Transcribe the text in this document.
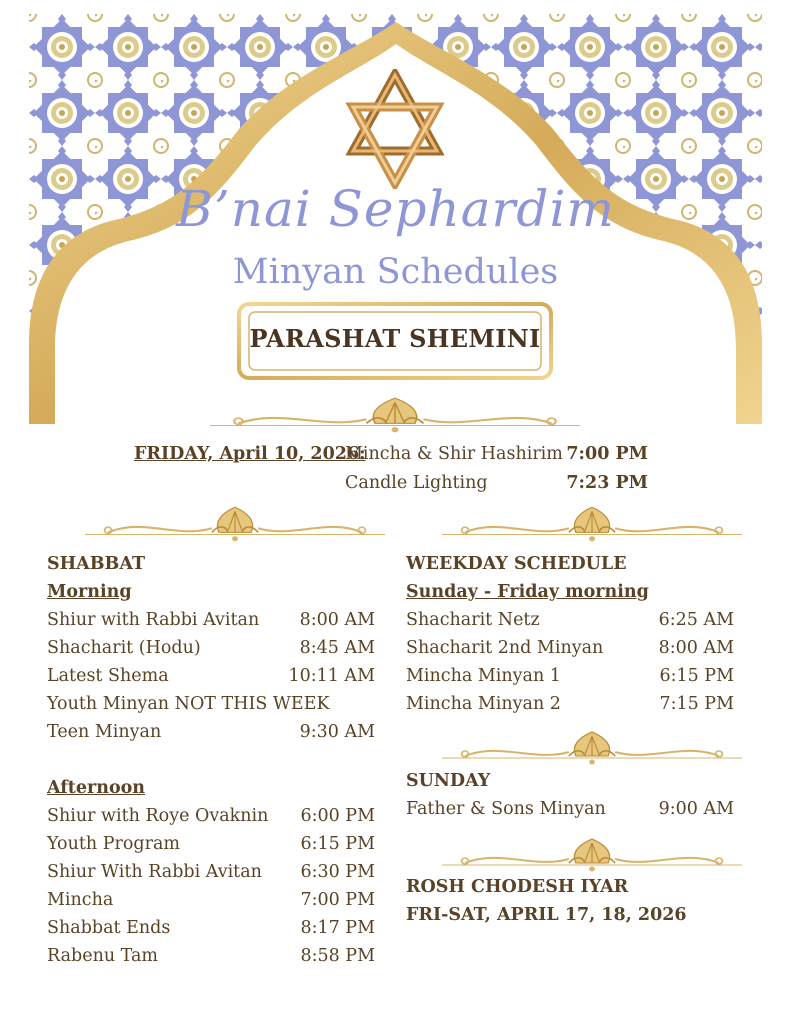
B’nai Sephardim
Minyan Schedules
PARASHAT SHEMINI
FRIDAY, April 10, 2026:
Mincha & Shir Hashirim 7:00 PM
Candle Lighting	7:23 PM
SHABBAT
Morning
Shiur with Rabbi Avitan 8:00 AM
Shacharit (Hodu)	8:45 AM
Latest Shema	10:11 AM
Youth Minyan NOT THIS WEEK
Teen Minyan	9:30 AM
Afternoon
Shiur with Roye Ovaknin 6:00 PM
Youth Program	6:15 PM
Shiur With Rabbi Avitan 6:30 PM
Mincha	7:00 PM
Shabbat Ends	8:17 PM
Rabenu Tam	8:58 PM
WEEKDAY SCHEDULE
Sunday - Friday morning
Shacharit Netz	6:25 AM
Shacharit 2nd Minyan	8:00 AM
Mincha Minyan 1	6:15 PM
Mincha Minyan 2	7:15 PM
SUNDAY
Father & Sons Minyan	9:00 AM
ROSH CHODESH IYAR
FRI-SAT, APRIL 17, 18, 2026
